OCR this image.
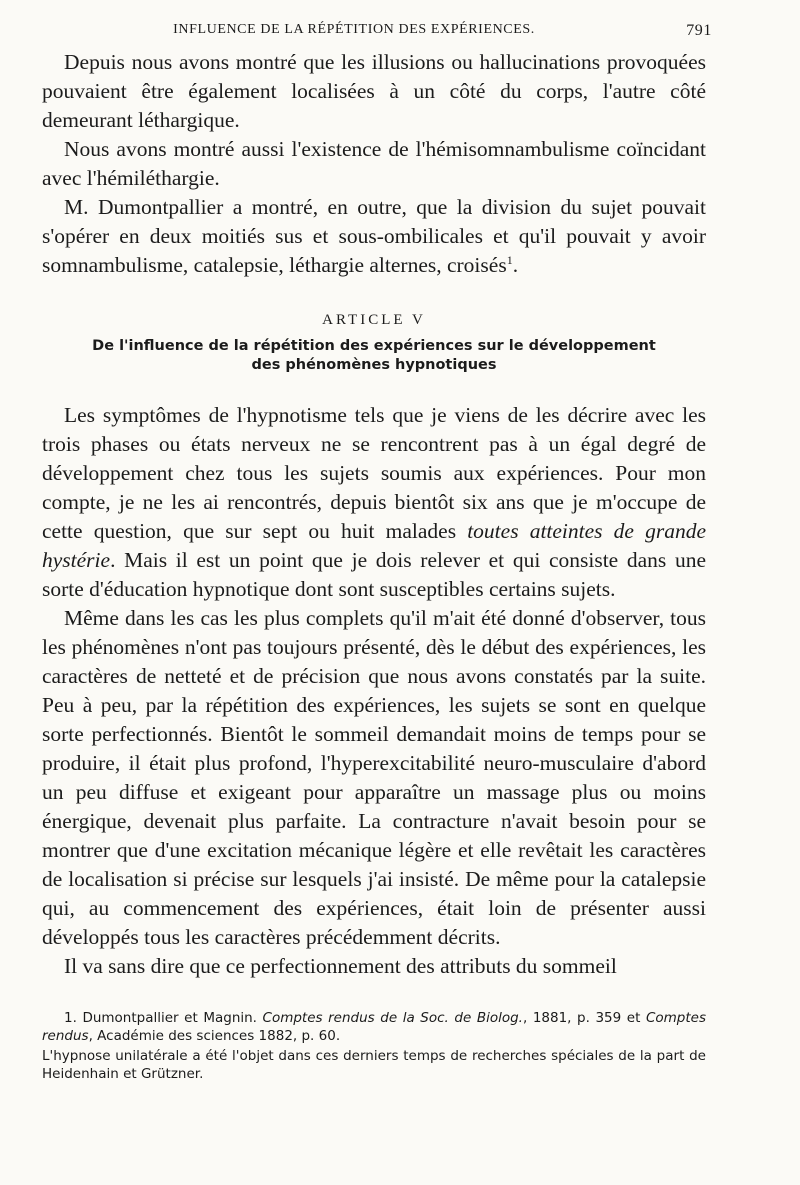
INFLUENCE DE LA RÉPÉTITION DES EXPÉRIENCES.	791

Depuis nous avons montré que les illusions ou hallucinations provoquées pouvaient être également localisées à un côté du corps, l'autre côté demeurant léthargique.

Nous avons montré aussi l'existence de l'hémisomnambulisme coïncidant avec l'hémiléthargie.

M. Dumontpallier a montré, en outre, que la division du sujet pouvait s'opérer en deux moitiés sus et sous-ombilicales et qu'il pouvait y avoir somnambulisme, catalepsie, léthargie alternes, croisés$^1$.

ARTICLE V
De l'influence de la répétition des expériences sur le développement
des phénomènes hypnotiques

Les symptômes de l'hypnotisme tels que je viens de les décrire avec les trois phases ou états nerveux ne se rencontrent pas à un égal degré de développement chez tous les sujets soumis aux expériences. Pour mon compte, je ne les ai rencontrés, depuis bientôt six ans que je m'occupe de cette question, que sur sept ou huit malades toutes atteintes de grande hystérie. Mais il est un point que je dois relever et qui consiste dans une sorte d'éducation hypnotique dont sont susceptibles certains sujets.

Même dans les cas les plus complets qu'il m'ait été donné d'observer, tous les phénomènes n'ont pas toujours présenté, dès le début des expériences, les caractères de netteté et de précision que nous avons constatés par la suite. Peu à peu, par la répétition des expériences, les sujets se sont en quelque sorte perfectionnés. Bientôt le sommeil demandait moins de temps pour se produire, il était plus profond, l'hyperexcitabilité neuro-musculaire d'abord un peu diffuse et exigeant pour apparaître un massage plus ou moins énergique, devenait plus parfaite. La contracture n'avait besoin pour se montrer que d'une excitation mécanique légère et elle revêtait les caractères de localisation si précise sur lesquels j'ai insisté. De même pour la catalepsie qui, au commencement des expériences, était loin de présenter aussi développés tous les caractères précédemment décrits.

Il va sans dire que ce perfectionnement des attributs du sommeil

1. Dumontpallier et Magnin. Comptes rendus de la Soc. de Biolog., 1881, p. 359 et Comptes rendus, Académie des sciences 1882, p. 60.

L'hypnose unilatérale a été l'objet dans ces derniers temps de recherches spéciales de la part de Heidenhain et Grützner.
